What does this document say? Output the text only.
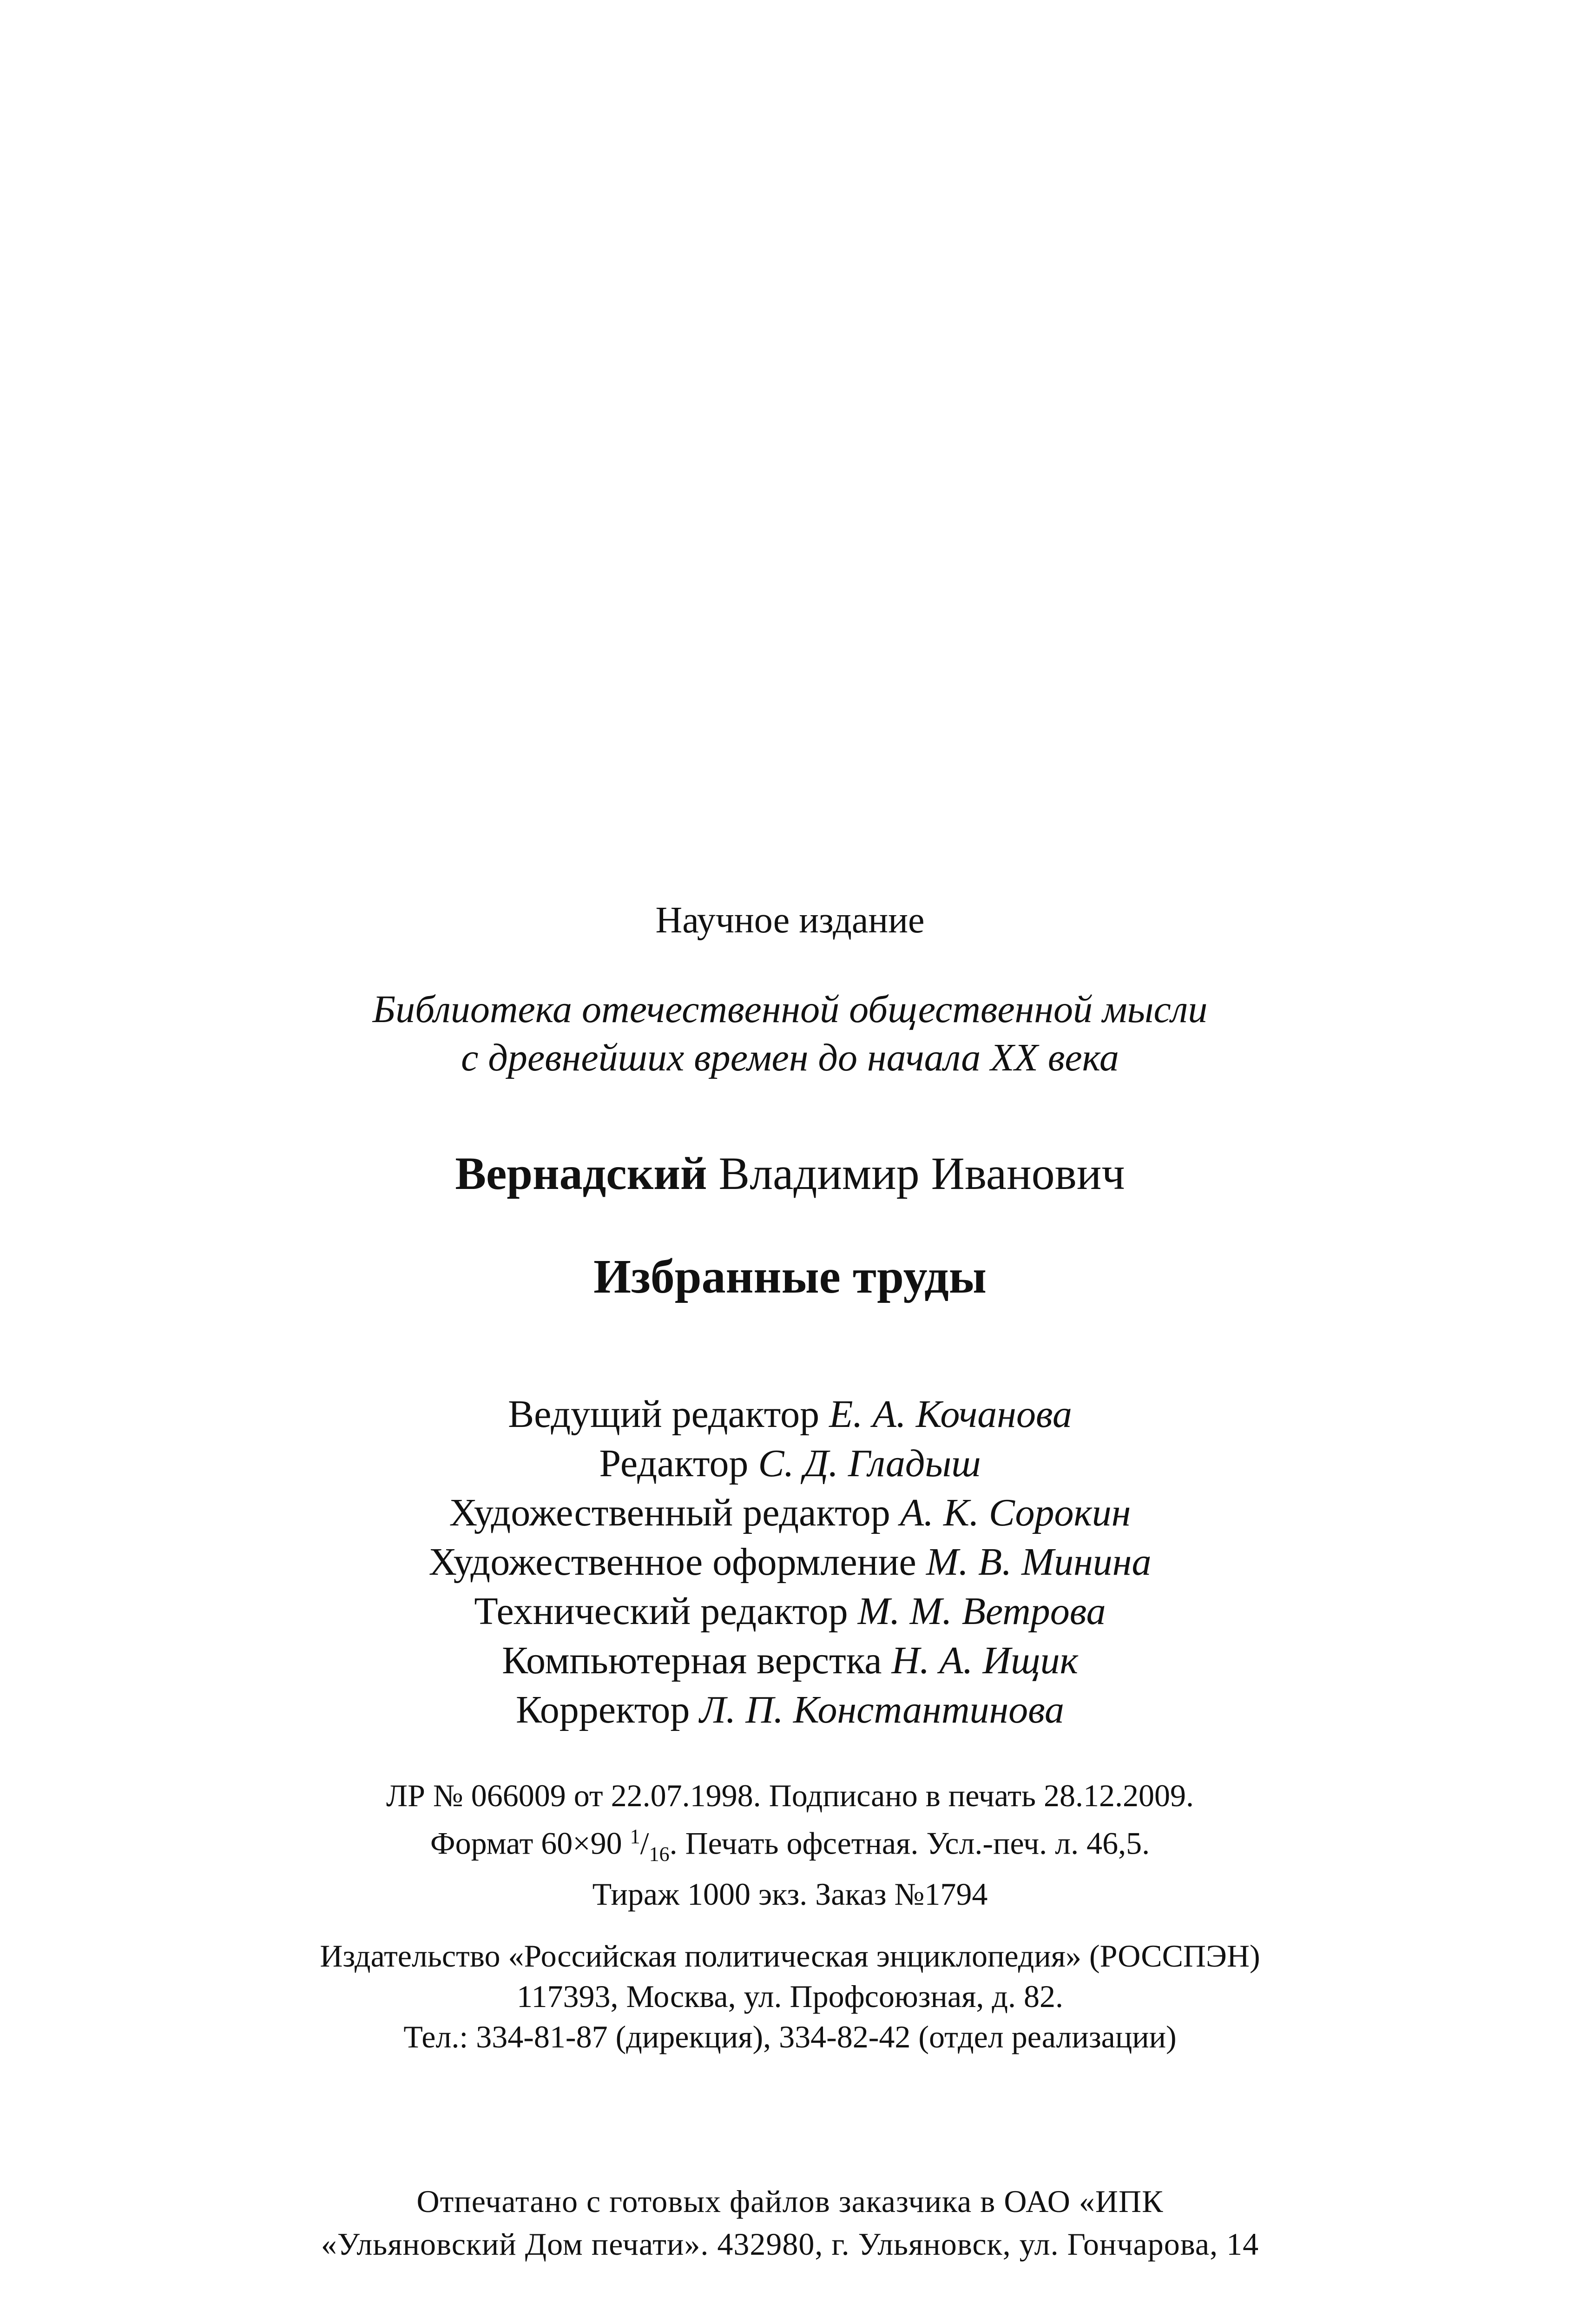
Научное издание
Библиотека отечественной общественной мысли
с древнейших времен до начала XX века
Вернадский Владимир Иванович
Избранные труды
Ведущий редактор Е. А. Кочанова
Редактор С. Д. Гладыш
Художественный редактор А. К. Сорокин
Художественное оформление М. В. Минина
Технический редактор М. М. Ветрова
Компьютерная верстка Н. А. Ищик
Корректор Л. П. Константинова
ЛР № 066009 от 22.07.1998. Подписано в печать 28.12.2009.
Формат 60×90 $^1/_{16}$. Печать офсетная. Усл.-печ. л. 46,5.
Тираж 1000 экз. Заказ №1794
Издательство «Российская политическая энциклопедия» (РОССПЭН)
117393, Москва, ул. Профсоюзная, д. 82.
Тел.: 334-81-87 (дирекция), 334-82-42 (отдел реализации)
Отпечатано с готовых файлов заказчика в ОАО «ИПК
«Ульяновский Дом печати». 432980, г. Ульяновск, ул. Гончарова, 14
